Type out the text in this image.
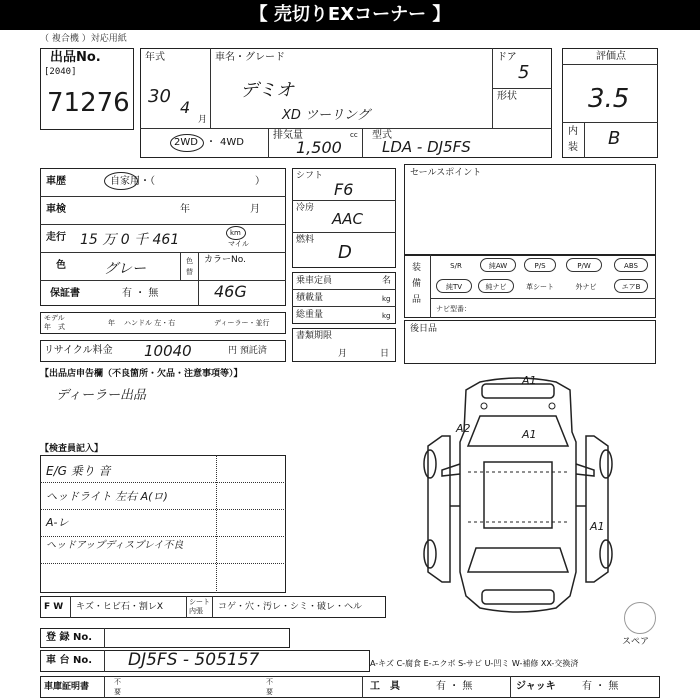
【 売切りEXコーナー 】
（ 複合機 ）対応用紙
出品No.
[2040]
71276
年式
30
4
月
車名・グレード
デミオ
XD ツーリング
ドア
5
形状
2WD ・ 4WD
排気量	cc
1,500
型式
LDA - DJ5FS
評価点
3.5
内
装 B
車歴	自家用・（	）
車検	年	月
走行 15 万 0 千 461	km
マイル
色	グレー	色
替
カラーNo.
保証書	有 ・ 無	46G
モデル
年　式	年 ハンドル 左・右	ディーラー・並行
リサイクル料金 10040	円 預託済
シフト
F6
冷房
AAC
燃料
D
乗車定員	名
積載量	kg
総重量	kg
書類期限
月	日
セールスポイント
装
備
品
S/R	純AW	P/S	P/W	ABS
純TV	純ナビ	革シート	外ナビ	エアB
ナビ型番：
後日品
【出品店申告欄（不良箇所・欠品・注意事項等）】
ディーラー出品
【検査員記入】
E/G 乗り 音
ヘッドライト 左右 A(ロ)
A-レ
ヘッドアップディスプレイ不良
A1
A2	A1
A1
スペア
F W キズ・ヒビ石・割レX	シート
内張 コゲ・穴・汚レ・シミ・破レ・ヘル
登 録 No.
車 台 No. DJ5FS - 505157	A-キズ C-腐食 E-エクボ S-サビ U-凹ミ W-補修 XX-交換済
車庫証明書	不
要
不
要	工　具	有 ・ 無	ジャッキ	有 ・ 無
